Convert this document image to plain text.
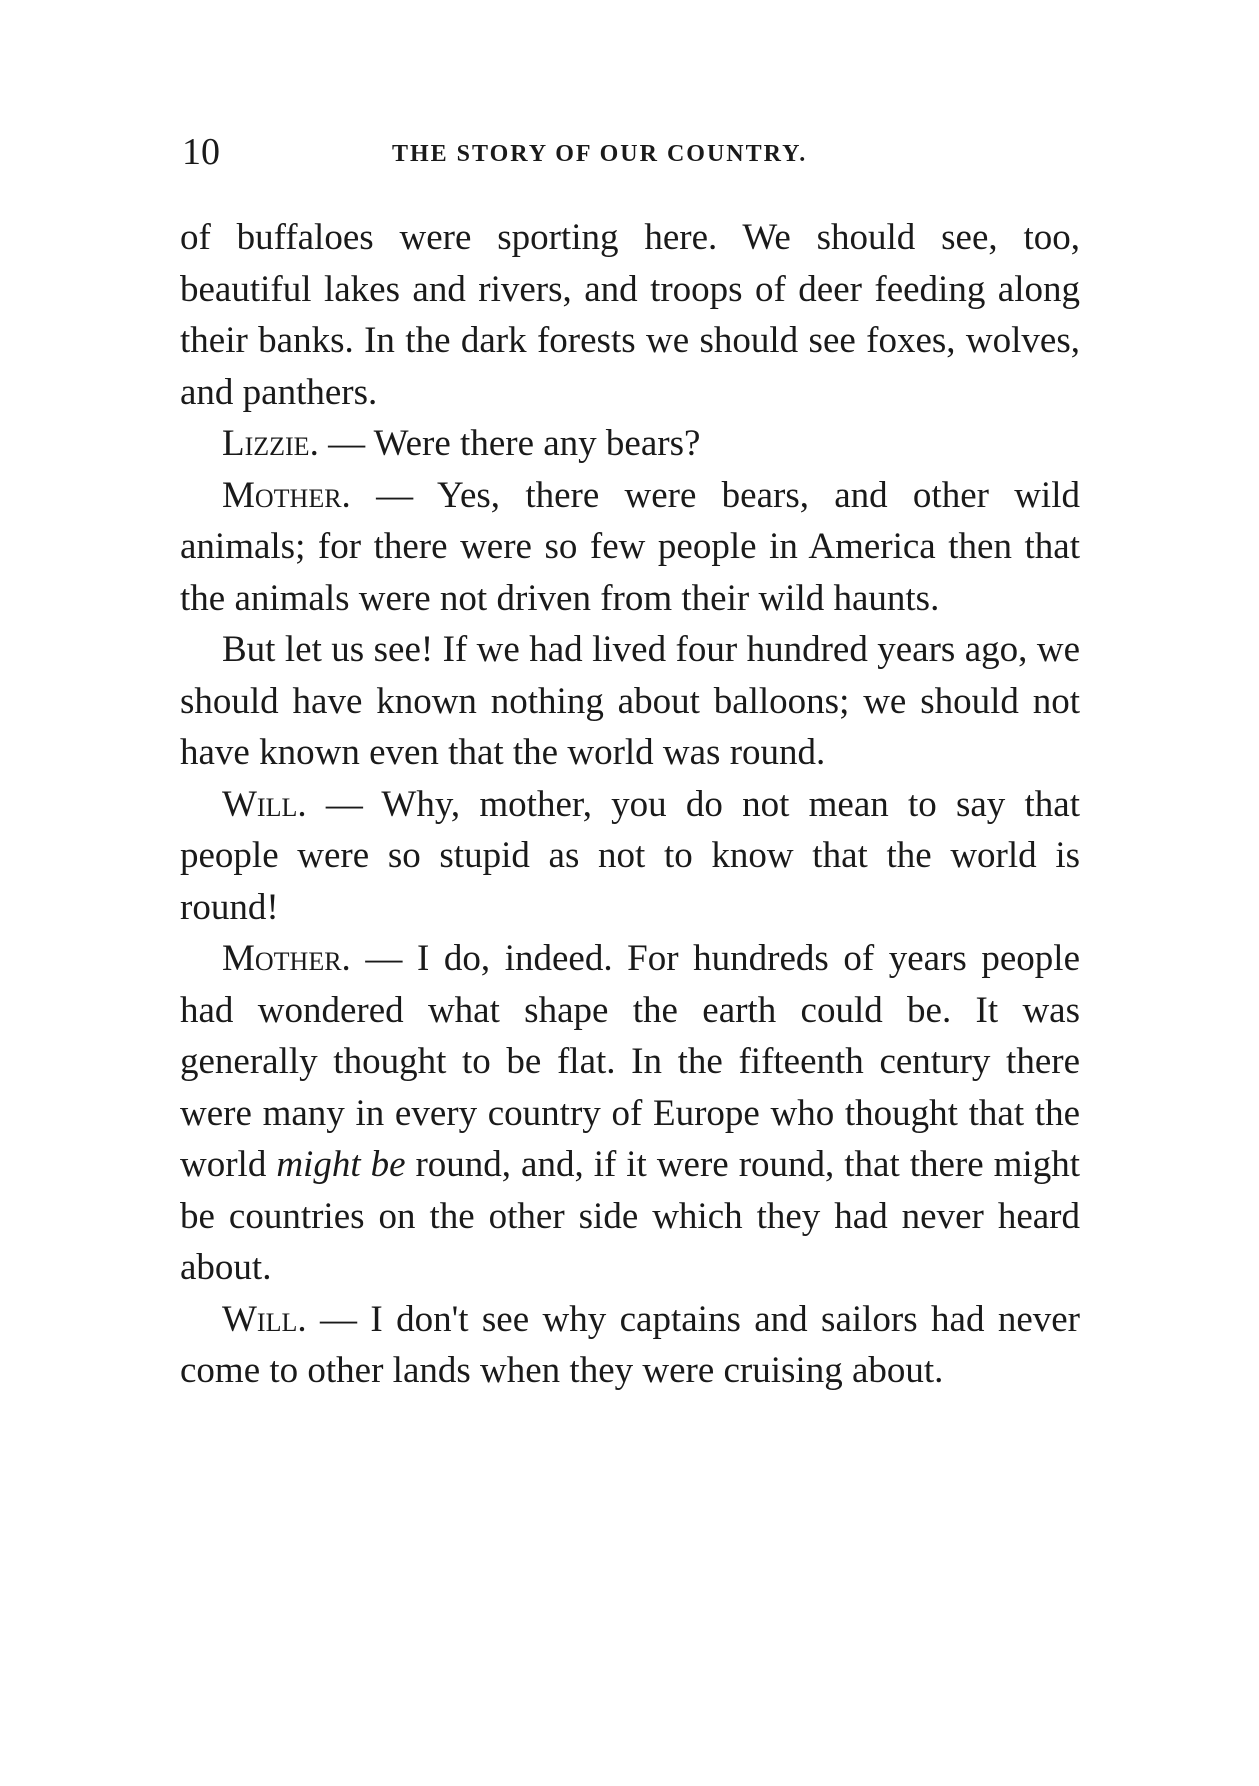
10	THE STORY OF OUR COUNTRY.

of buffaloes were sporting here. We should see, too, beautiful lakes and rivers, and troops of deer feeding along their banks. In the dark forests we should see foxes, wolves, and panthers.

Lizzie. — Were there any bears?

Mother. — Yes, there were bears, and other wild animals; for there were so few people in America then that the animals were not driven from their wild haunts.

But let us see! If we had lived four hundred years ago, we should have known nothing about balloons; we should not have known even that the world was round.

Will. — Why, mother, you do not mean to say that people were so stupid as not to know that the world is round!

Mother. — I do, indeed. For hundreds of years people had wondered what shape the earth could be. It was generally thought to be flat. In the fifteenth century there were many in every country of Europe who thought that the world might be round, and, if it were round, that there might be countries on the other side which they had never heard about.

Will. — I don't see why captains and sailors had never come to other lands when they were cruising about.
